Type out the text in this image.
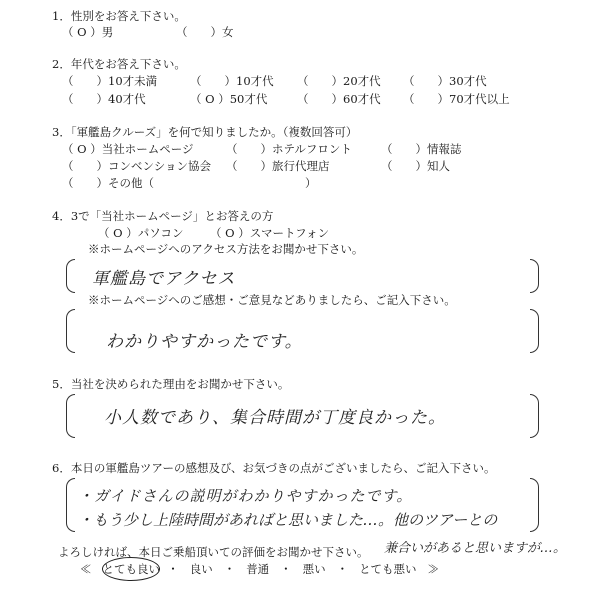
1．性別をお答え下さい。
（ O ）男	（　　）女
2．年代をお答え下さい。
（　　）10才未満	（　　）10才代 （　　）20才代 （　　）30才代
（　　）40才代	（ O ）50才代	（　　）60才代 （　　）70才代以上
3．「軍艦島クルーズ」を何で知りましたか。（複数回答可）
（ O ）当社ホームページ	（　　）ホテルフロント	（　　）情報誌
（　　）コンベンション協会 （　　）旅行代理店	（　　）知人
（　　）その他（	）
4．3で「当社ホームページ」とお答えの方
（ O ）パソコン （ O ）スマートフォン
※ホームページへのアクセス方法をお聞かせ下さい。
軍艦島でアクセス
※ホームページへのご感想・ご意見などありましたら、ご記入下さい。
わかりやすかったです。
5．当社を決められた理由をお聞かせ下さい。
小人数であり、集合時間が丁度良かった。
6．本日の軍艦島ツアーの感想及び、お気づきの点がございましたら、ご記入下さい。
・ガイドさんの説明がわかりやすかったです。
・もう少し上陸時間があればと思いました…。他のツアーとの
兼合いがあると思いますが…。
よろしければ、本日ご乗船頂いての評価をお聞かせ下さい。
≪ とても良い ・ 良い ・ 普通 ・ 悪い ・ とても悪い ≫
